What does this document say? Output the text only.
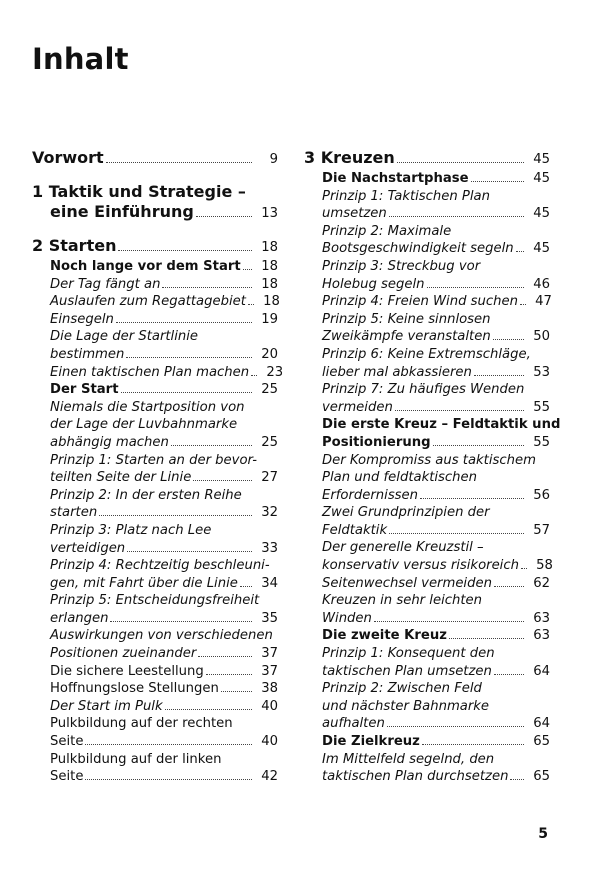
Inhalt
Vorwort	9
1 Taktik und Strategie –
eine Einführung	13
2 Starten	18
Noch lange vor dem Start	18
Der Tag fängt an	18
Auslaufen zum Regattagebiet	18
Einsegeln	19
Die Lage der Startlinie
bestimmen	20
Einen taktischen Plan machen	23
Der Start	25
Niemals die Startposition von
der Lage der Luvbahnmarke
abhängig machen	25
Prinzip 1: Starten an der bevor-
teilten Seite der Linie	27
Prinzip 2: In der ersten Reihe
starten	32
Prinzip 3: Platz nach Lee
verteidigen	33
Prinzip 4: Rechtzeitig beschleuni-
gen, mit Fahrt über die Linie	34
Prinzip 5: Entscheidungsfreiheit
erlangen	35
Auswirkungen von verschiedenen
Positionen zueinander	37
Die sichere Leestellung	37
Hoffnungslose Stellungen	38
Der Start im Pulk	40
Pulkbildung auf der rechten
Seite	40
Pulkbildung auf der linken
Seite	42
3 Kreuzen	45
Die Nachstartphase	45
Prinzip 1: Taktischen Plan
umsetzen	45
Prinzip 2: Maximale
Bootsgeschwindigkeit segeln	45
Prinzip 3: Streckbug vor
Holebug segeln	46
Prinzip 4: Freien Wind suchen	47
Prinzip 5: Keine sinnlosen
Zweikämpfe veranstalten	50
Prinzip 6: Keine Extremschläge,
lieber mal abkassieren	53
Prinzip 7: Zu häufiges Wenden
vermeiden	55
Die erste Kreuz – Feldtaktik und
Positionierung	55
Der Kompromiss aus taktischem
Plan und feldtaktischen
Erfordernissen	56
Zwei Grundprinzipien der
Feldtaktik	57
Der generelle Kreuzstil –
konservativ versus risikoreich	58
Seitenwechsel vermeiden	62
Kreuzen in sehr leichten
Winden	63
Die zweite Kreuz	63
Prinzip 1: Konsequent den
taktischen Plan umsetzen	64
Prinzip 2: Zwischen Feld
und nächster Bahnmarke
aufhalten	64
Die Zielkreuz	65
Im Mittelfeld segelnd, den
taktischen Plan durchsetzen	65
5
